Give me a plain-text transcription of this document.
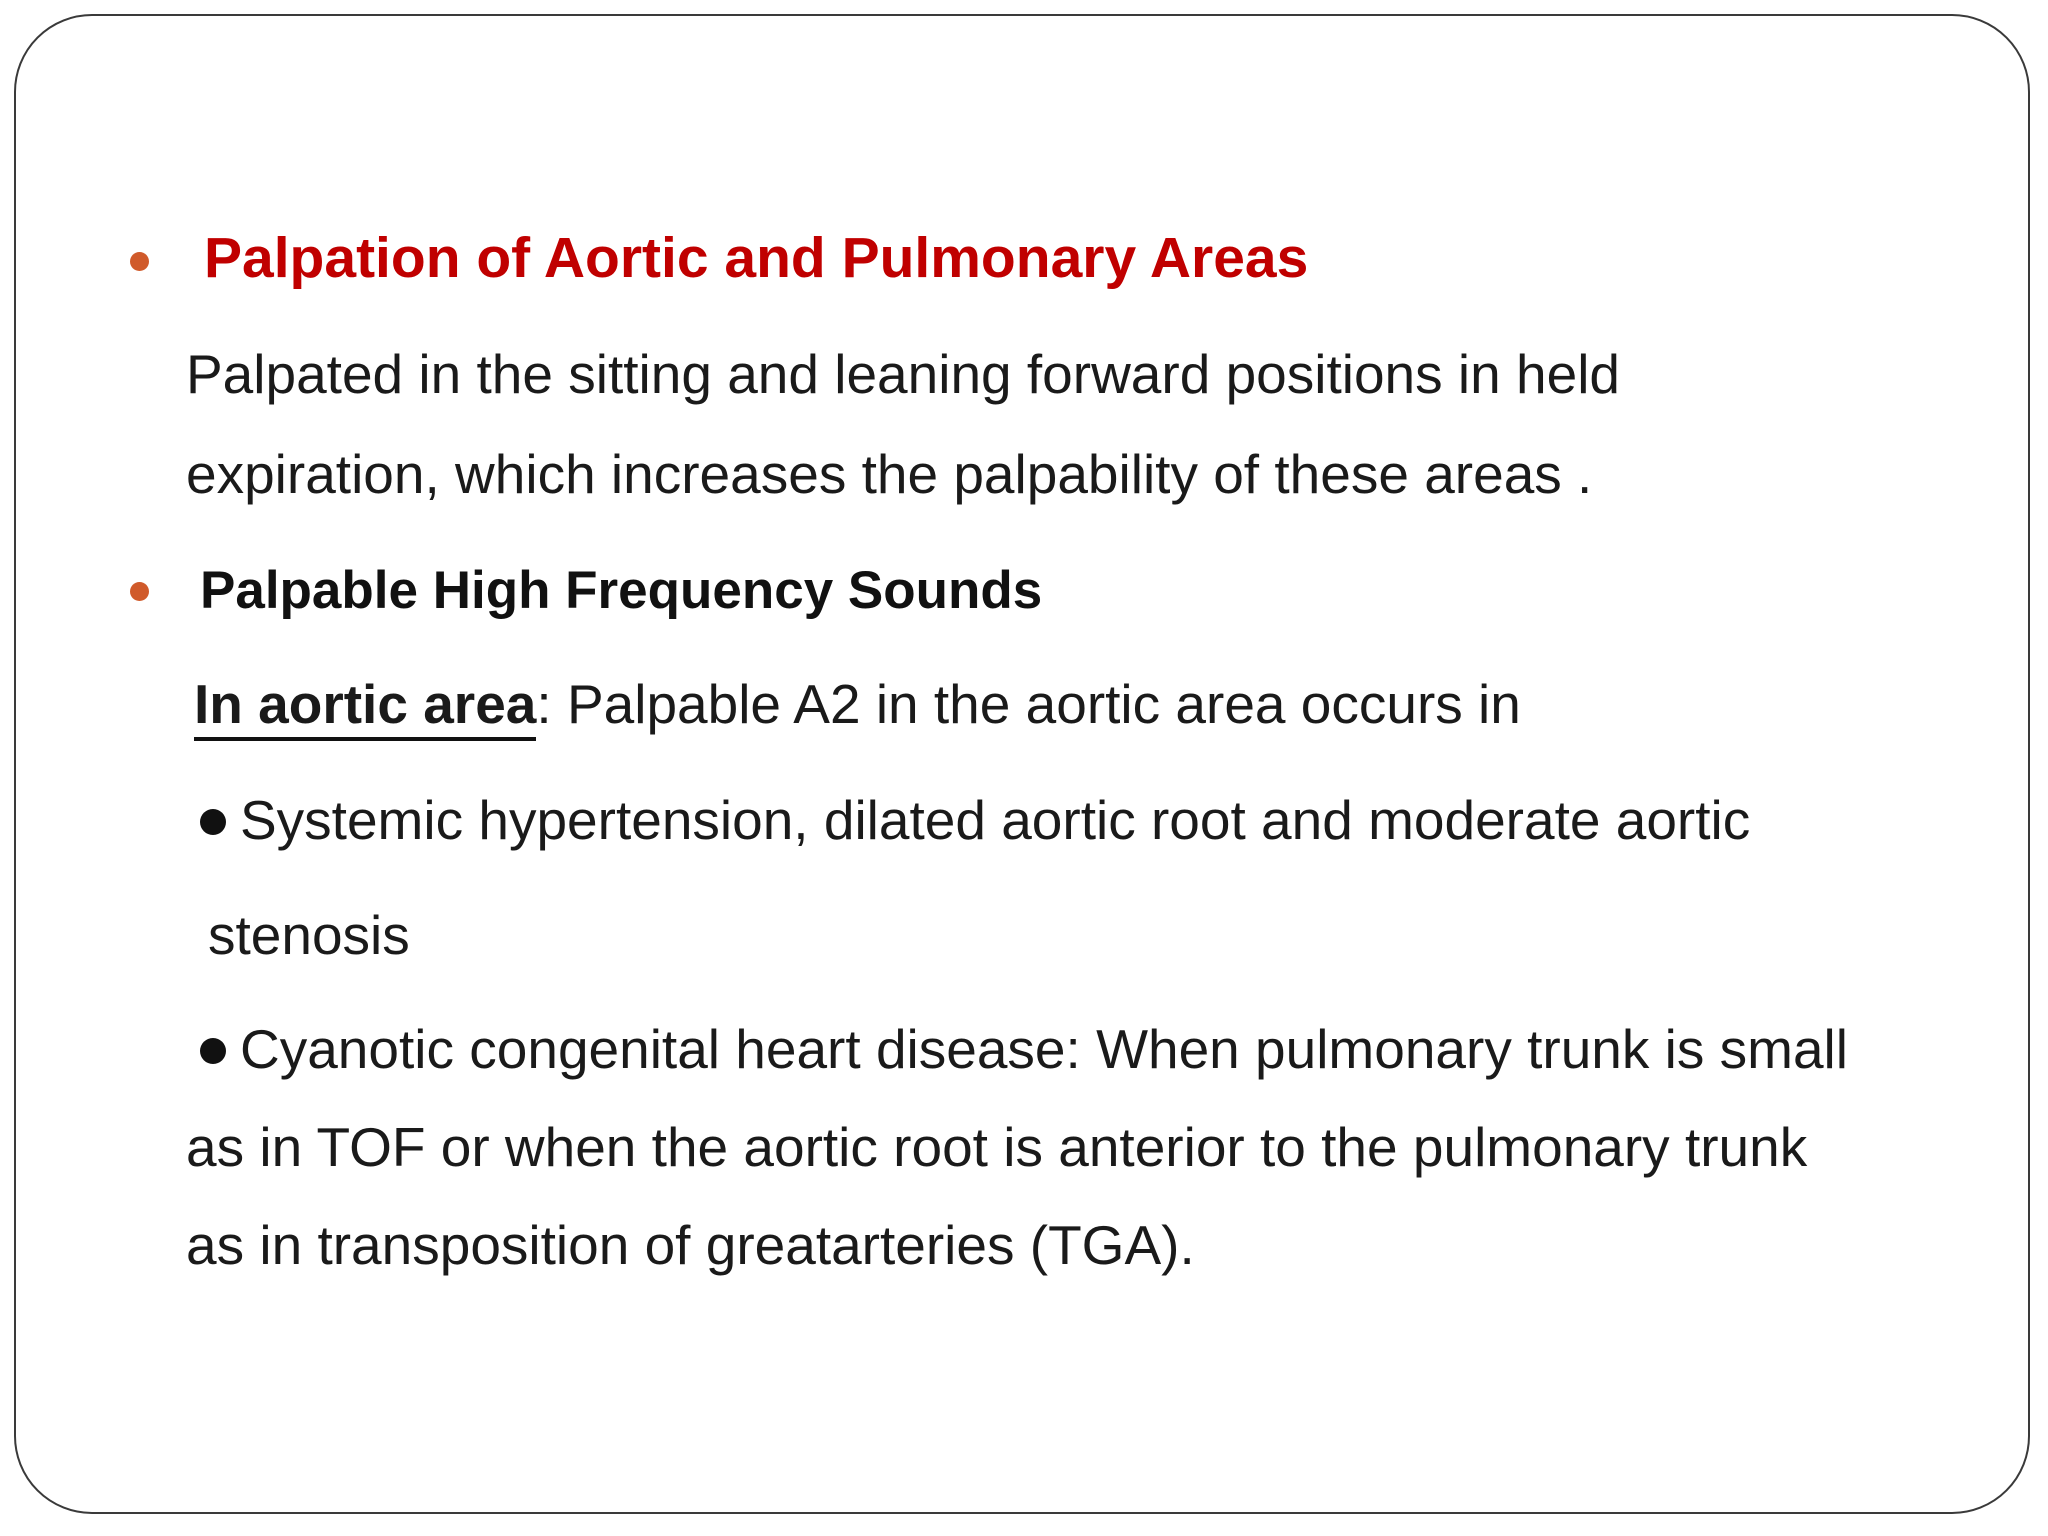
Palpation of Aortic and Pulmonary Areas
Palpated in the sitting and leaning forward positions in held
expiration, which increases the palpability of these areas .
Palpable High Frequency Sounds
In aortic area: Palpable A2 in the aortic area occurs in
Systemic hypertension, dilated aortic root and moderate aortic
stenosis
Cyanotic congenital heart disease: When pulmonary trunk is small
as in TOF or when the aortic root is anterior to the pulmonary trunk
as in transposition of greatarteries (TGA).
